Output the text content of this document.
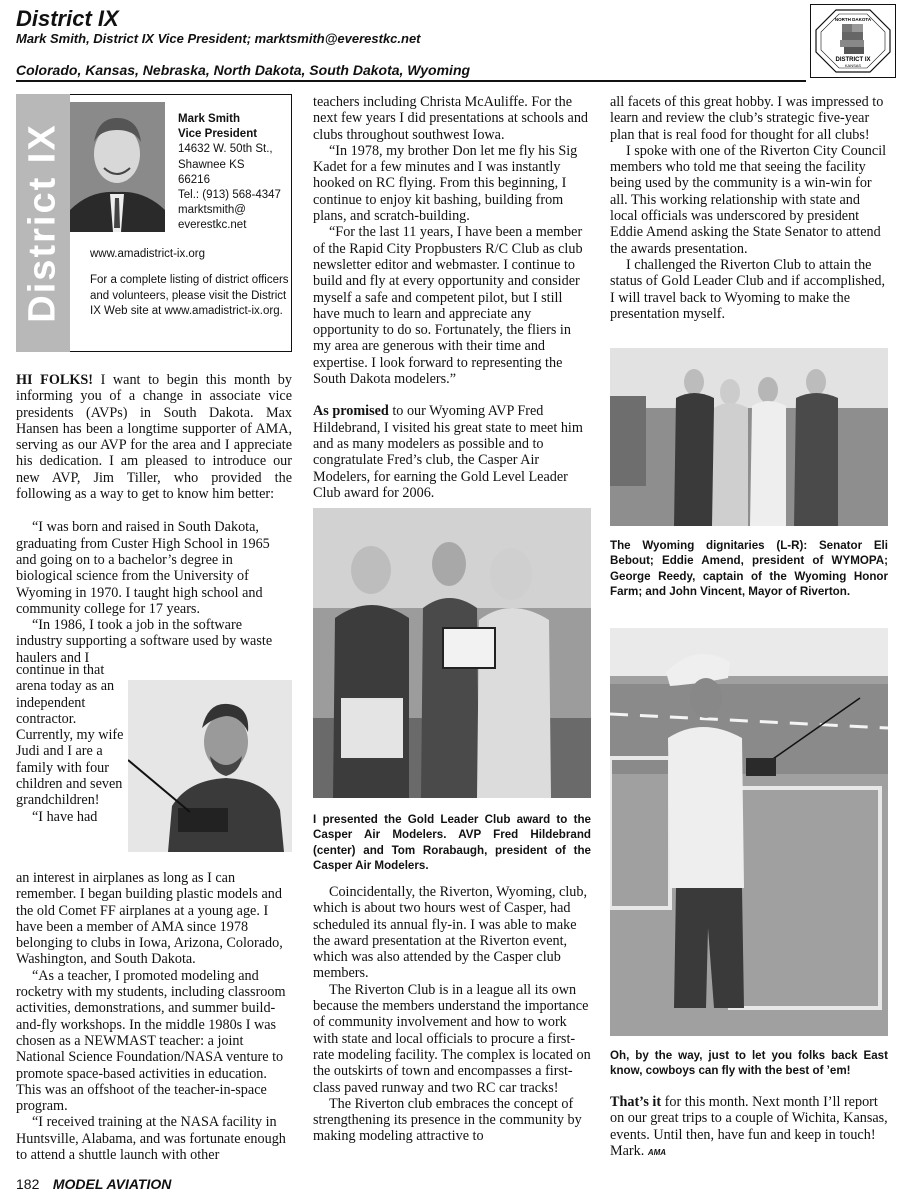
District IX
Mark Smith, District IX Vice President; marktsmith@everestkc.net
Colorado, Kansas, Nebraska, North Dakota, South Dakota, Wyoming
NORTH DAKOTA
DISTRICT IX
KANSAS
District IX
Mark Smith
Vice President
14632 W. 50th St.,
Shawnee KS
66216
Tel.: (913) 568-4347
marktsmith@
everestkc.net
www.amadistrict-ix.org
For a complete listing of district officers and volunteers, please visit the District IX Web site at www.amadistrict-ix.org.

HI FOLKS! I want to begin this month by informing you of a change in associate vice presidents (AVPs) in South Dakota. Max Hansen has been a longtime supporter of AMA, serving as our AVP for the area and I appreciate his dedication. I am pleased to introduce our new AVP, Jim Tiller, who provided the following as a way to get to know him better:

“I was born and raised in South Dakota, graduating from Custer High School in 1965 and going on to a bachelor’s degree in biological science from the University of Wyoming in 1970. I taught high school and community college for 17 years.

“In 1986, I took a job in the software industry supporting a software used by waste haulers and I

continue in that arena today as an independent contractor. Currently, my wife Judi and I are a family with four children and seven grandchildren!

“I have had

an interest in airplanes as long as I can remember. I began building plastic models and the old Comet FF airplanes at a young age. I have been a member of AMA since 1978 belonging to clubs in Iowa, Arizona, Colorado, Washington, and South Dakota.

“As a teacher, I promoted modeling and rocketry with my students, including classroom activities, demonstrations, and summer build-and-fly workshops. In the middle 1980s I was chosen as a NEWMAST teacher: a joint National Science Foundation/NASA venture to promote space-based activities in education. This was an offshoot of the teacher-in-space program.

“I received training at the NASA facility in Huntsville, Alabama, and was fortunate enough to attend a shuttle launch with other

teachers including Christa McAuliffe. For the next few years I did presentations at schools and clubs throughout southwest Iowa.

“In 1978, my brother Don let me fly his Sig Kadet for a few minutes and I was instantly hooked on RC flying. From this beginning, I continue to enjoy kit bashing, building from plans, and scratch-building.

“For the last 11 years, I have been a member of the Rapid City Propbusters R/C Club as club newsletter editor and webmaster. I continue to build and fly at every opportunity and consider myself a safe and competent pilot, but I still have much to learn and appreciate any opportunity to do so. Fortunately, the fliers in my area are generous with their time and expertise. I look forward to representing the South Dakota modelers.”

As promised to our Wyoming AVP Fred Hildebrand, I visited his great state to meet him and as many modelers as possible and to congratulate Fred’s club, the Casper Air Modelers, for earning the Gold Level Leader Club award for 2006.

I presented the Gold Leader Club award to the Casper Air Modelers. AVP Fred Hildebrand (center) and Tom Rorabaugh, president of the Casper Air Modelers.

Coincidentally, the Riverton, Wyoming, club, which is about two hours west of Casper, had scheduled its annual fly-in. I was able to make the award presentation at the Riverton event, which was also attended by the Casper club members.

The Riverton Club is in a league all its own because the members understand the importance of community involvement and how to work with state and local officials to procure a first-rate modeling facility. The complex is located on the outskirts of town and encompasses a first-class paved runway and two RC car tracks!

The Riverton club embraces the concept of strengthening its presence in the community by making modeling attractive to

all facets of this great hobby. I was impressed to learn and review the club’s strategic five-year plan that is real food for thought for all clubs!

I spoke with one of the Riverton City Council members who told me that seeing the facility being used by the community is a win-win for all. This working relationship with state and local officials was underscored by president Eddie Amend asking the State Senator to attend the awards presentation.

I challenged the Riverton Club to attain the status of Gold Leader Club and if accomplished, I will travel back to Wyoming to make the presentation myself.

The Wyoming dignitaries (L-R): Senator Eli Bebout; Eddie Amend, president of WYMOPA; George Reedy, captain of the Wyoming Honor Farm; and John Vincent, Mayor of Riverton.
Oh, by the way, just to let you folks back East know, cowboys can fly with the best of ’em!

That’s it for this month. Next month I’ll report on our great trips to a couple of Wichita, Kansas, events. Until then, have fun and keep in touch! Mark. AMA

182 MODEL AVIATION
